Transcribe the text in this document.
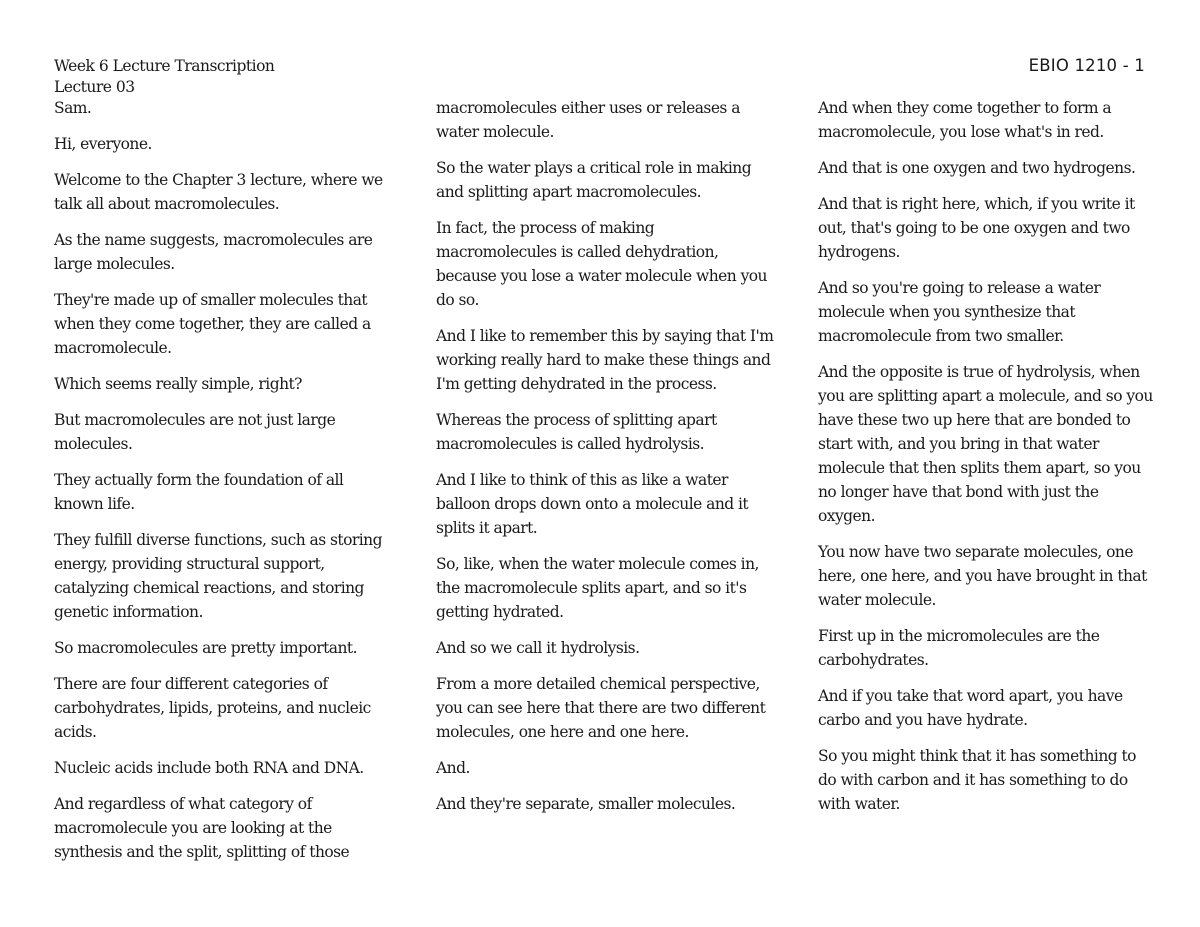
Week 6 Lecture Transcription
Lecture 03
EBIO 1210 - 1

Sam.

Hi, everyone.

Welcome to the Chapter 3 lecture, where we talk all about macromolecules.

As the name suggests, macromolecules are large molecules.

They're made up of smaller molecules that when they come together, they are called a macromolecule.

Which seems really simple, right?

But macromolecules are not just large molecules.

They actually form the foundation of all known life.

They fulfill diverse functions, such as storing energy, providing structural support, catalyzing chemical reactions, and storing genetic information.

So macromolecules are pretty important.

There are four different categories of carbohydrates, lipids, proteins, and nucleic acids.

Nucleic acids include both RNA and DNA.

And regardless of what category of macromolecule you are looking at the synthesis and the split, splitting of those

macromolecules either uses or releases a water molecule.

So the water plays a critical role in making and splitting apart macromolecules.

In fact, the process of making macromolecules is called dehydration, because you lose a water molecule when you do so.

And I like to remember this by saying that I'm working really hard to make these things and I'm getting dehydrated in the process.

Whereas the process of splitting apart macromolecules is called hydrolysis.

And I like to think of this as like a water balloon drops down onto a molecule and it splits it apart.

So, like, when the water molecule comes in, the macromolecule splits apart, and so it's getting hydrated.

And so we call it hydrolysis.

From a more detailed chemical perspective, you can see here that there are two different molecules, one here and one here.

And.

And they're separate, smaller molecules.

And when they come together to form a macromolecule, you lose what's in red.

And that is one oxygen and two hydrogens.

And that is right here, which, if you write it out, that's going to be one oxygen and two hydrogens.

And so you're going to release a water molecule when you synthesize that macromolecule from two smaller.

And the opposite is true of hydrolysis, when you are splitting apart a molecule, and so you have these two up here that are bonded to start with, and you bring in that water molecule that then splits them apart, so you no longer have that bond with just the oxygen.

You now have two separate molecules, one here, one here, and you have brought in that water molecule.

First up in the micromolecules are the carbohydrates.

And if you take that word apart, you have carbo and you have hydrate.

So you might think that it has something to do with carbon and it has something to do with water.
